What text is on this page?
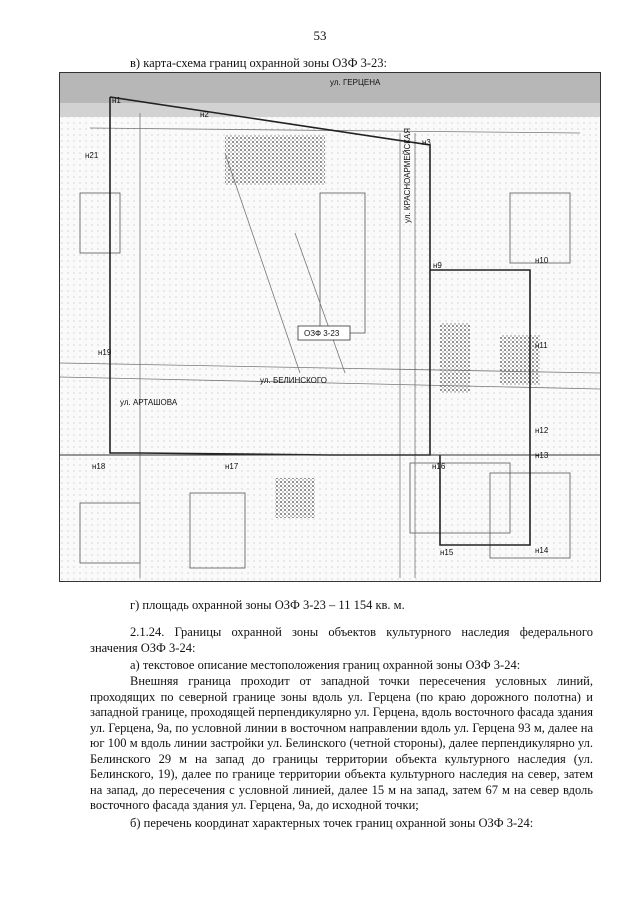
53
в) карта-схема границ охранной зоны ОЗФ 3-23:
ОЗФ 3-23
н1
н2
н3
н9
н10
н11
н12
н13
н14
н15
н16
н17
н18
н19
н21
ул. ГЕРЦЕНА
ул. КРАСНОАРМЕЙСКАЯ
ул. АРТАШОВА
ул. БЕЛИНСКОГО
г) площадь охранной зоны ОЗФ 3-23 – 11 154 кв. м.
2.1.24. Границы охранной зоны объектов культурного наследия федерального значения ОЗФ 3-24:
а) текстовое описание местоположения границ охранной зоны ОЗФ 3-24:
Внешняя граница проходит от западной точки пересечения условных линий, проходящих по северной границе зоны вдоль ул. Герцена (по краю дорожного полотна) и западной границе, проходящей перпендикулярно ул. Герцена, вдоль восточного фасада здания ул. Герцена, 9а, по условной линии в восточном направлении вдоль ул. Герцена 93 м, далее на юг 100 м вдоль линии застройки ул. Белинского (четной стороны), далее перпендикулярно ул. Белинского 29 м на запад до границы территории объекта культурного наследия (ул. Белинского, 19), далее по границе территории объекта культурного наследия на север, затем на запад, до пересечения с условной линией, далее 15 м на запад, затем 67 м на север вдоль восточного фасада здания ул. Герцена, 9а, до исходной точки;
б) перечень координат характерных точек границ охранной зоны ОЗФ 3-24:
